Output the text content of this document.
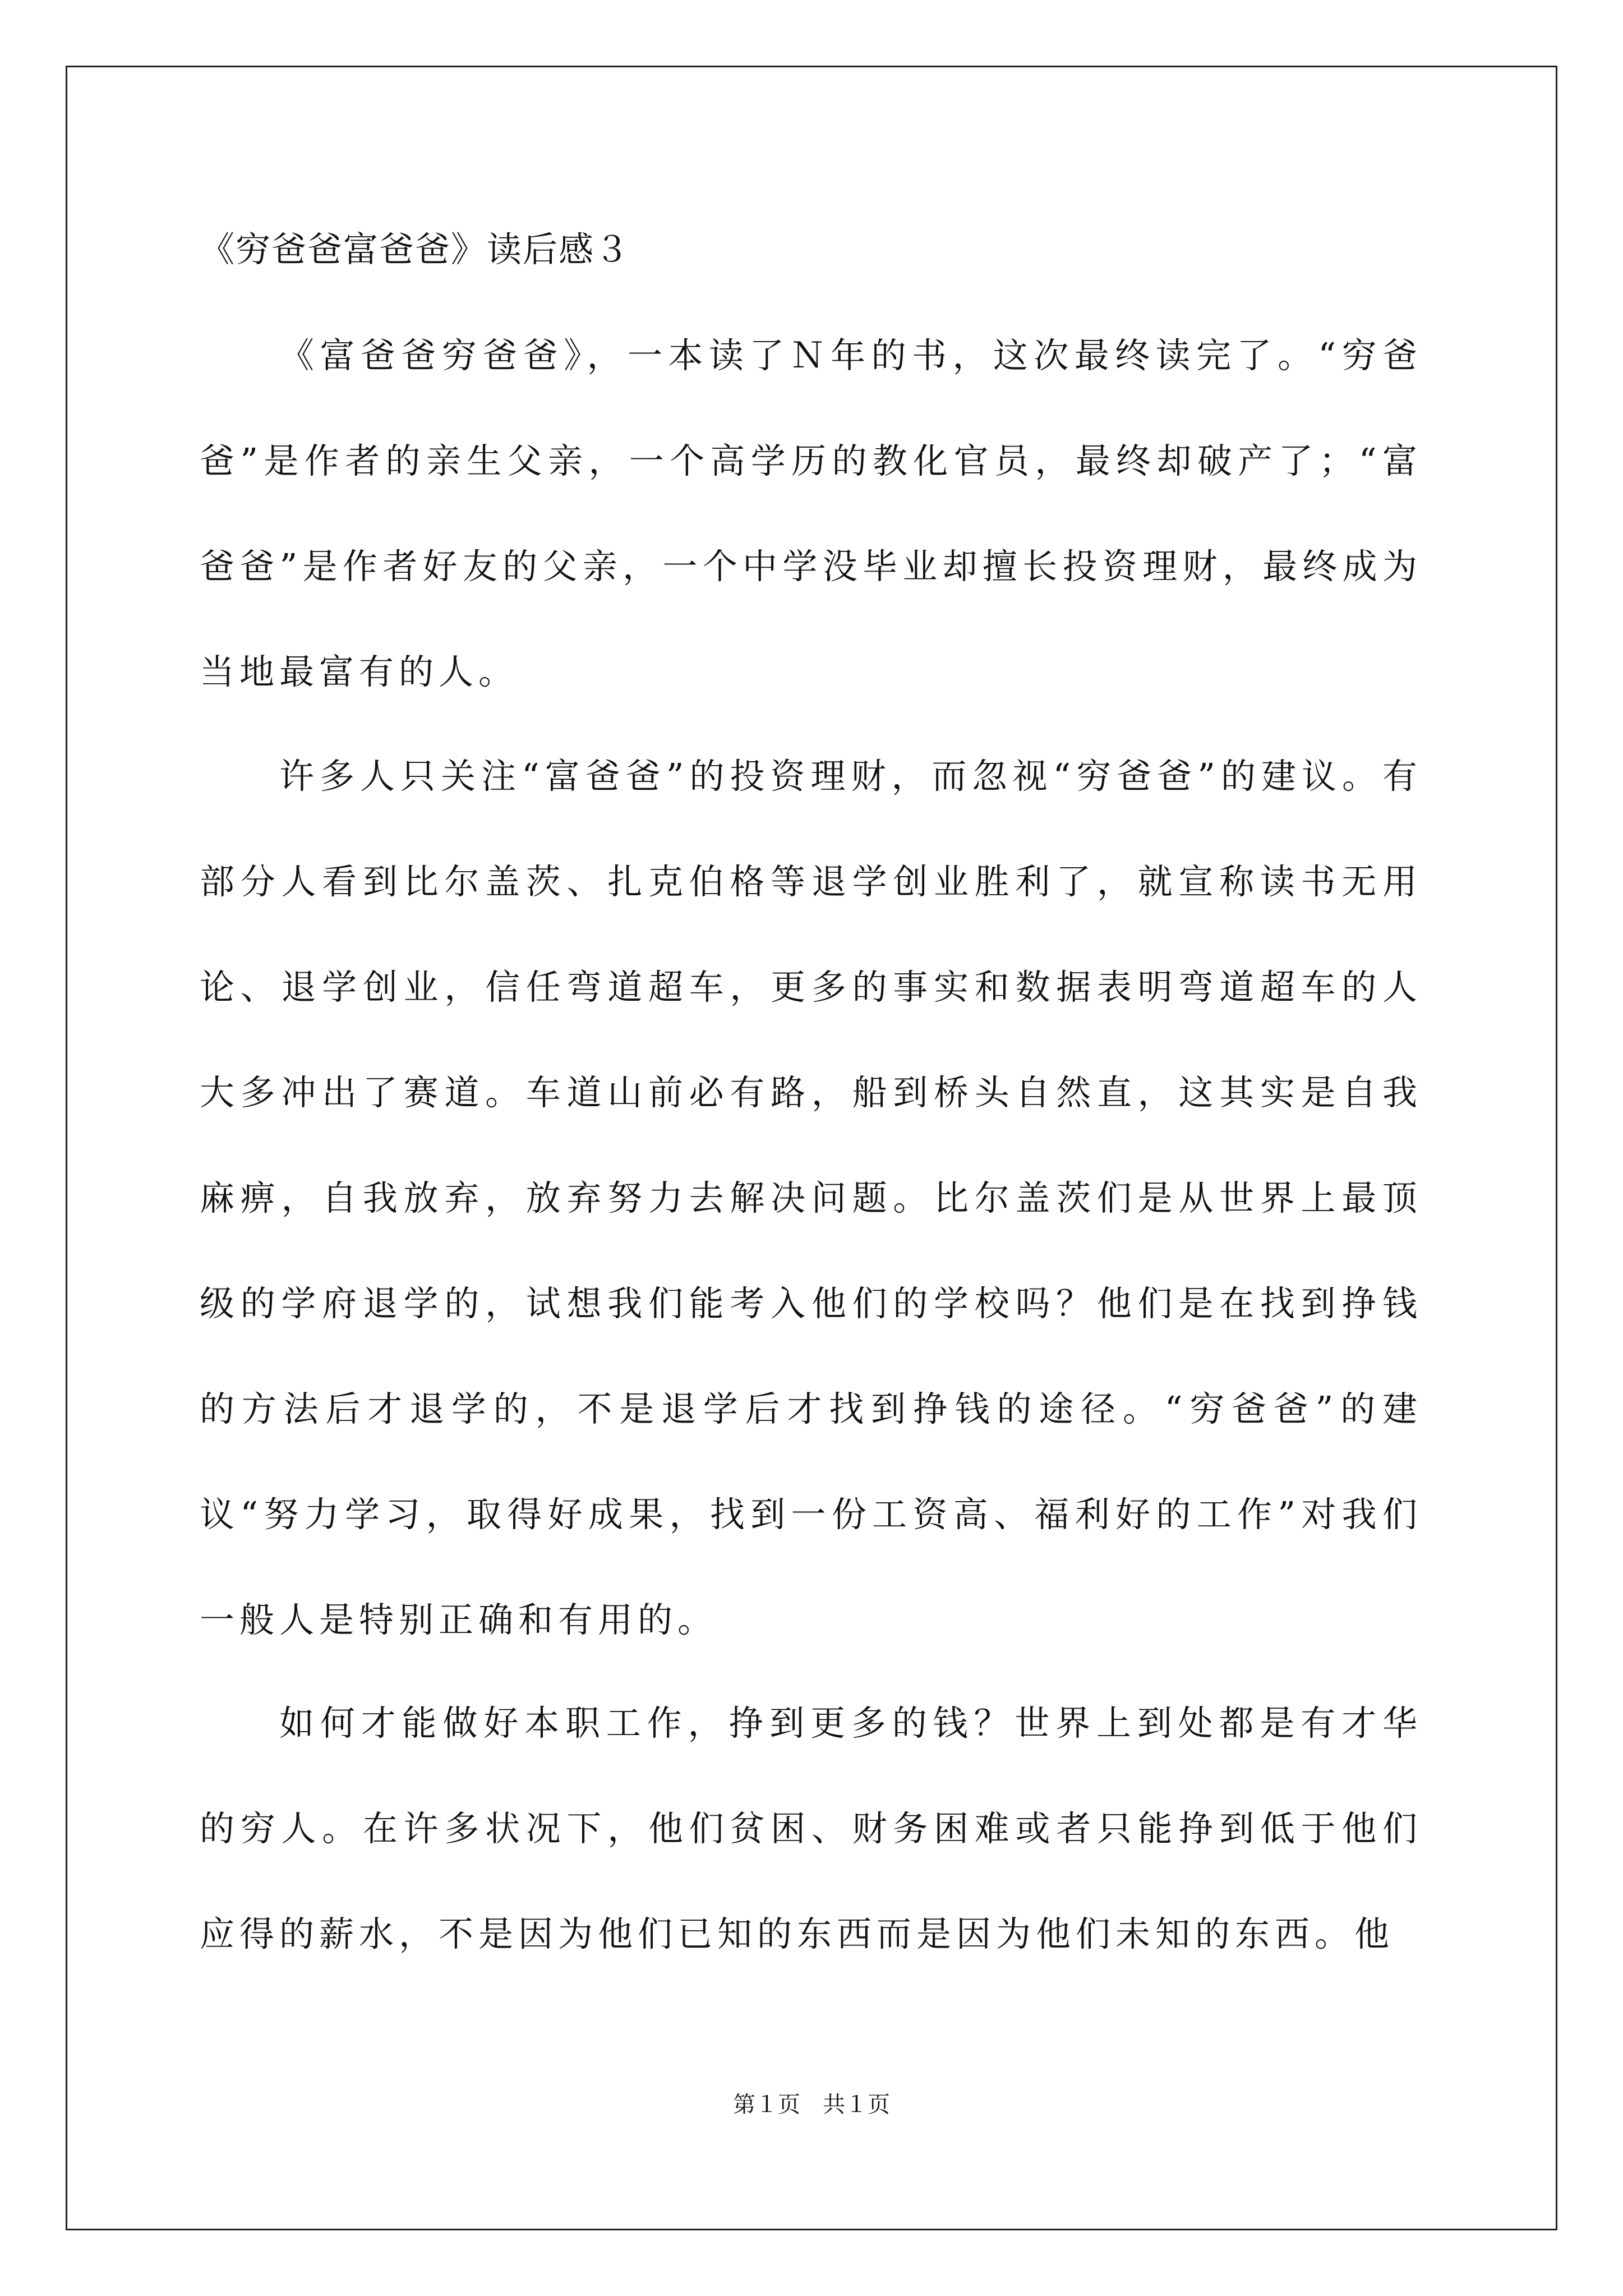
《穷爸爸富爸爸》读后感３

《富爸爸穷爸爸》，一本读了Ｎ年的书，这次最终读完了。“穷爸爸”是作者的亲生父亲，一个高学历的教化官员，最终却破产了；“富爸爸”是作者好友的父亲，一个中学没毕业却擅长投资理财，最终成为当地最富有的人。

许多人只关注“富爸爸”的投资理财，而忽视“穷爸爸”的建议。有部分人看到比尔盖茨、扎克伯格等退学创业胜利了，就宣称读书无用论、退学创业，信任弯道超车，更多的事实和数据表明弯道超车的人大多冲出了赛道。车道山前必有路，船到桥头自然直，这其实是自我麻痹，自我放弃，放弃努力去解决问题。比尔盖茨们是从世界上最顶级的学府退学的，试想我们能考入他们的学校吗？他们是在找到挣钱的方法后才退学的，不是退学后才找到挣钱的途径。“穷爸爸”的建议“努力学习，取得好成果，找到一份工资高、福利好的工作”对我们一般人是特别正确和有用的。

如何才能做好本职工作，挣到更多的钱？世界上到处都是有才华的穷人。在许多状况下，他们贫困、财务困难或者只能挣到低于他们应得的薪水，不是因为他们已知的东西而是因为他们未知的东西。他

第１页　共１页
